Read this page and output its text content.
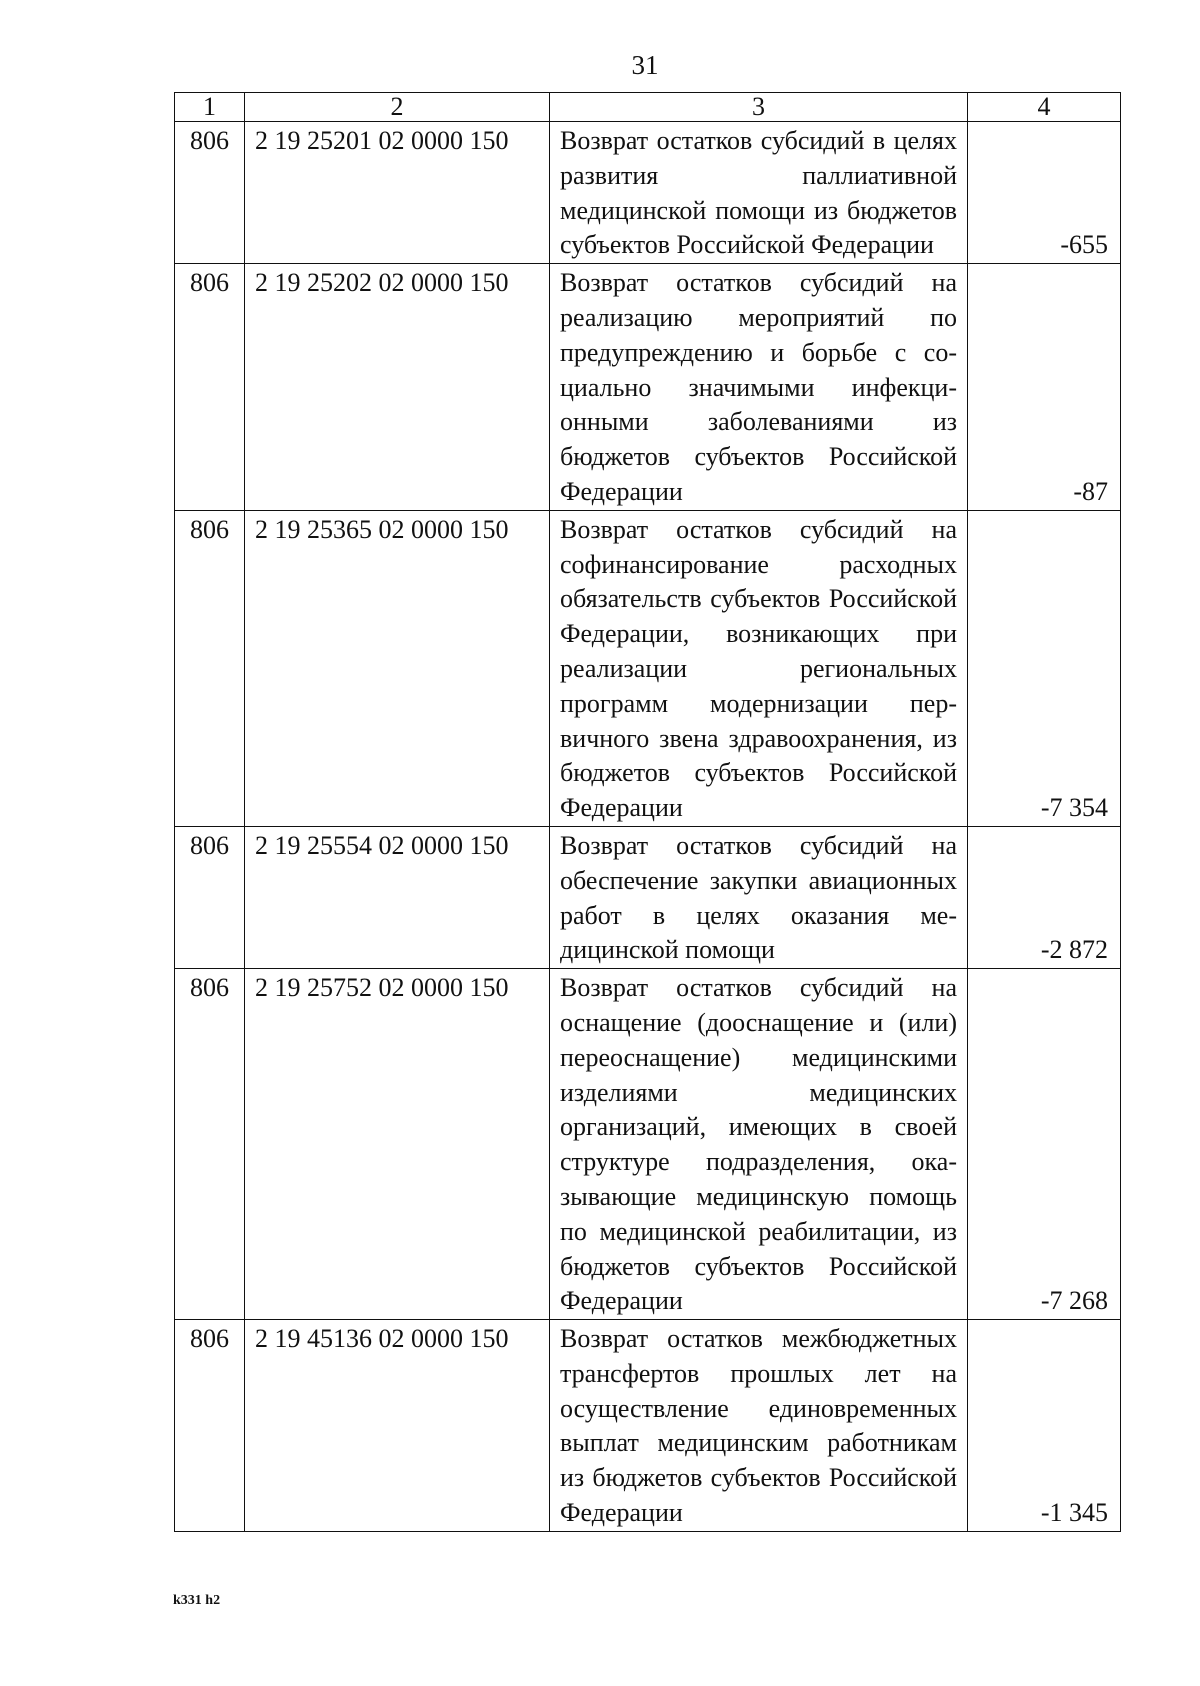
31
1	2	3	4
806	2 19 25201 02 0000 150	Возврат остатков субсидий в целях развития паллиативной медицинской помощи из бюджетов субъектов Российской Федерации	-655
806	2 19 25202 02 0000 150	Возврат остатков субсидий на реализацию мероприятий по предупреждению и борьбе с социально значимыми инфекционными заболеваниями из бюджетов субъектов Российской Федерации	-87
806	2 19 25365 02 0000 150	Возврат остатков субсидий на софинансирование расходных обязательств субъектов Российской Федерации, возникающих при реализации региональных программ модернизации первичного звена здравоохранения, из бюджетов субъектов Российской Федерации	-7 354
806	2 19 25554 02 0000 150	Возврат остатков субсидий на обеспечение закупки авиационных работ в целях оказания медицинской помощи	-2 872
806	2 19 25752 02 0000 150	Возврат остатков субсидий на оснащение (дооснащение и (или) переоснащение) медицинскими изделиями медицинских организаций, имеющих в своей структуре подразделения, оказывающие медицинскую помощь по медицинской реабилитации, из бюджетов субъектов Российской Федерации	-7 268
806	2 19 45136 02 0000 150	Возврат остатков межбюджетных трансфертов прошлых лет на осуществление единовременных выплат медицинским работникам из бюджетов субъектов Российской Федерации	-1 345
k331 h2
